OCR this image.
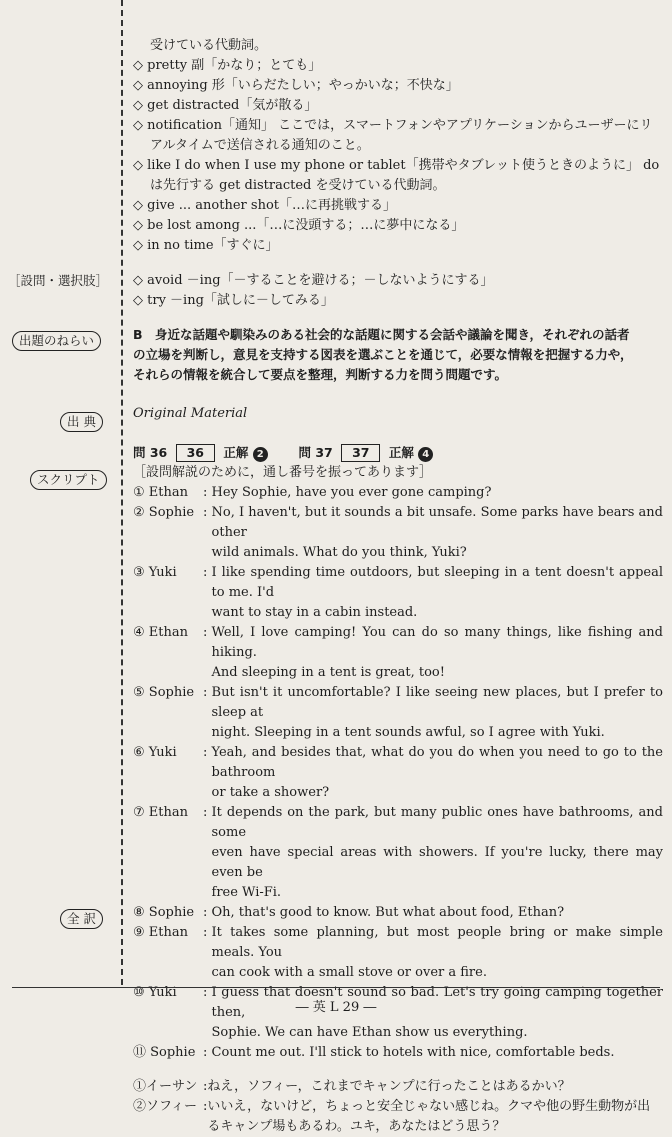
［設問・選択肢］
出題のねらい
出 典
スクリプト
全 訳
受けている代動詞。
◇ pretty 副「かなり；とても」
◇ annoying 形「いらだたしい；やっかいな；不快な」
◇ get distracted「気が散る」
◇ notification「通知」 ここでは，スマートフォンやアプリケーションからユーザーにリ
アルタイムで送信される通知のこと。
◇ like I do when I use my phone or tablet「携帯やタブレット使うときのように」 do
は先行する get distracted を受けている代動詞。
◇ give ... another shot「…に再挑戦する」
◇ be lost among ...「…に没頭する；…に夢中になる」
◇ in no time「すぐに」
◇ avoid －ing「－することを避ける；－しないようにする」
◇ try －ing「試しに－してみる」
B　身近な話題や馴染みのある社会的な話題に関する会話や議論を聞き，それぞれの話者
の立場を判断し，意見を支持する図表を選ぶことを通じて，必要な情報を把握する力や，
それらの情報を統合して要点を整理，判断する力を問う問題です。
Original Material
問 36 36 正解 2	問 37 37 正解 4
［設問解説のために，通し番号を振ってあります］
① Ethan	: Hey Sophie, have you ever gone camping?
② Sophie : No, I haven't, but it sounds a bit unsafe. Some parks have bears and other
wild animals. What do you think, Yuki?
③ Yuki	: I like spending time outdoors, but sleeping in a tent doesn't appeal to me. I'd
want to stay in a cabin instead.
④ Ethan	: Well, I love camping! You can do so many things, like fishing and hiking.
And sleeping in a tent is great, too!
⑤ Sophie : But isn't it uncomfortable? I like seeing new places, but I prefer to sleep at
night. Sleeping in a tent sounds awful, so I agree with Yuki.
⑥ Yuki	: Yeah, and besides that, what do you do when you need to go to the bathroom
or take a shower?
⑦ Ethan	: It depends on the park, but many public ones have bathrooms, and some
even have special areas with showers. If you're lucky, there may even be
free Wi-Fi.
⑧ Sophie : Oh, that's good to know. But what about food, Ethan?
⑨ Ethan	: It takes some planning, but most people bring or make simple meals. You
can cook with a small stove or over a fire.
⑩ Yuki	: I guess that doesn't sound so bad. Let's try going camping together then,
Sophie. We can have Ethan show us everything.
⑪ Sophie : Count me out. I'll stick to hotels with nice, comfortable beds.
①イーサン : ねえ，ソフィー，これまでキャンプに行ったことはあるかい？
②ソフィー : いいえ，ないけど，ちょっと安全じゃない感じね。クマや他の野生動物が出
るキャンプ場もあるわ。ユキ，あなたはどう思う？
― 英 L 29 ―
